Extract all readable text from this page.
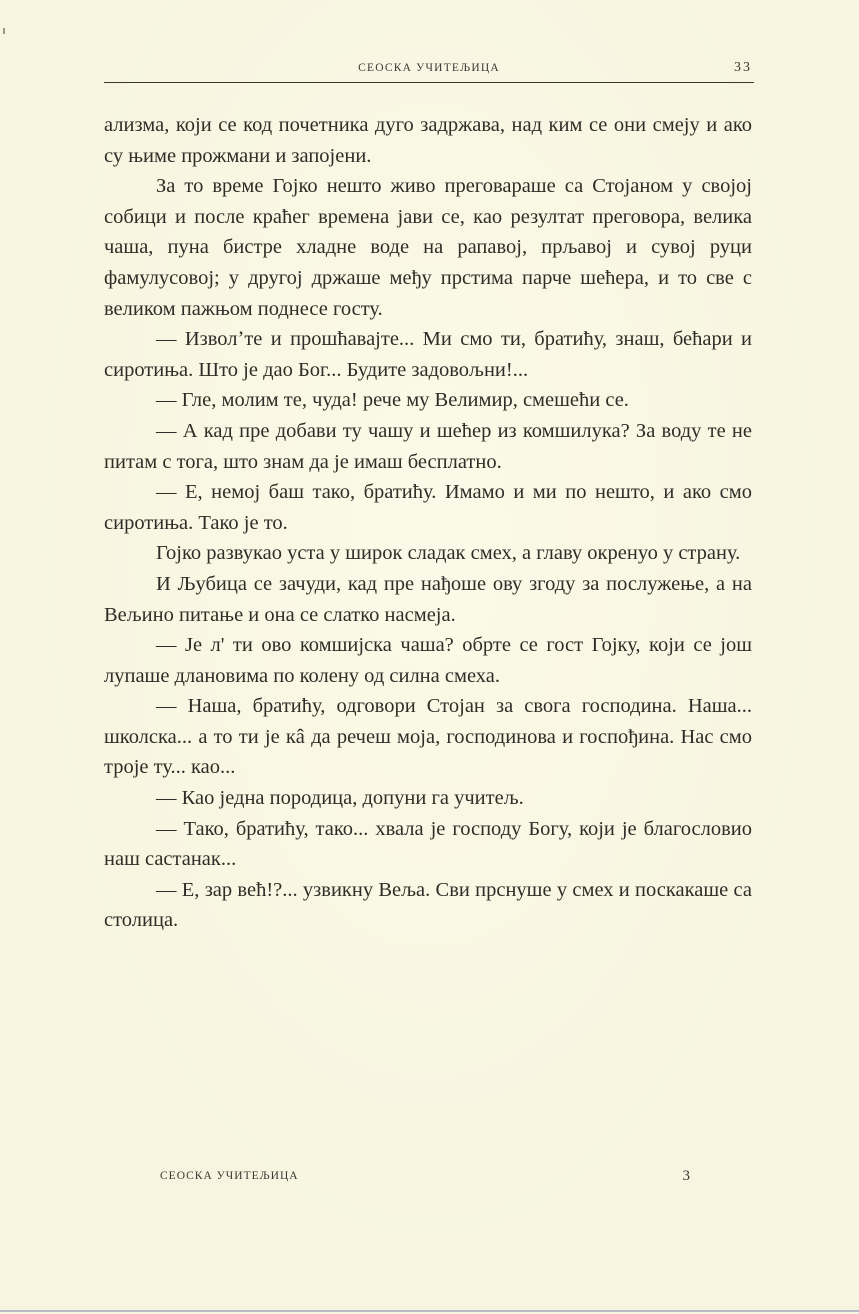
СЕОСКА УЧИТЕЉИЦА	33

ализма, који се код почетника дуго задржава, над ким се они смеју и ако су њиме прожмани и запојени.

За то време Гојко нешто живо преговараше са Стојаном у својој собици и после краћег времена јави се, као резултат преговора, велика чаша, пуна бистре хладне воде на рапавој, прљавој и сувој руци фамулусовој; у другој држаше међу прстима парче шећера, и то све с великом пажњом поднесе госту.

— Изволʼте и прошћавајте... Ми смо ти, братићу, знаш, бећари и сиротиња. Што је дао Бог... Будите задовољни!...

— Гле, молим те, чуда! рече му Велимир, смешећи се.

— А кад пре добави ту чашу и шећер из комшилука? За воду те не питам с тога, што знам да је имаш бесплатно.

— Е, немој баш тако, братићу. Имамо и ми по нешто, и ако смо сиротиња. Тако је то.

Гојко развукао уста у широк сладак смех, а главу окренуо у страну.

И Љубица се зачуди, кад пре нађоше ову згоду за послужење, а на Вељино питање и она се слатко насмеја.

— Је л' ти ово комшијска чаша? обрте се гост Гојку, који се још лупаше длановима по колену од силна смеха.

— Наша, братићу, одговори Стојан за свога господина. Наша... школска... а то ти је кâ да речеш моја, господинова и госпођина. Нас смо троје ту... као...

— Као једна породица, допуни га учитељ.

— Тако, братићу, тако... хвала је господу Богу, који је благословио наш састанак...

— Е, зар већ!?... узвикну Веља. Сви прснуше у смех и поскакаше са столица.

СЕОСКА УЧИТЕЉИЦА	3
